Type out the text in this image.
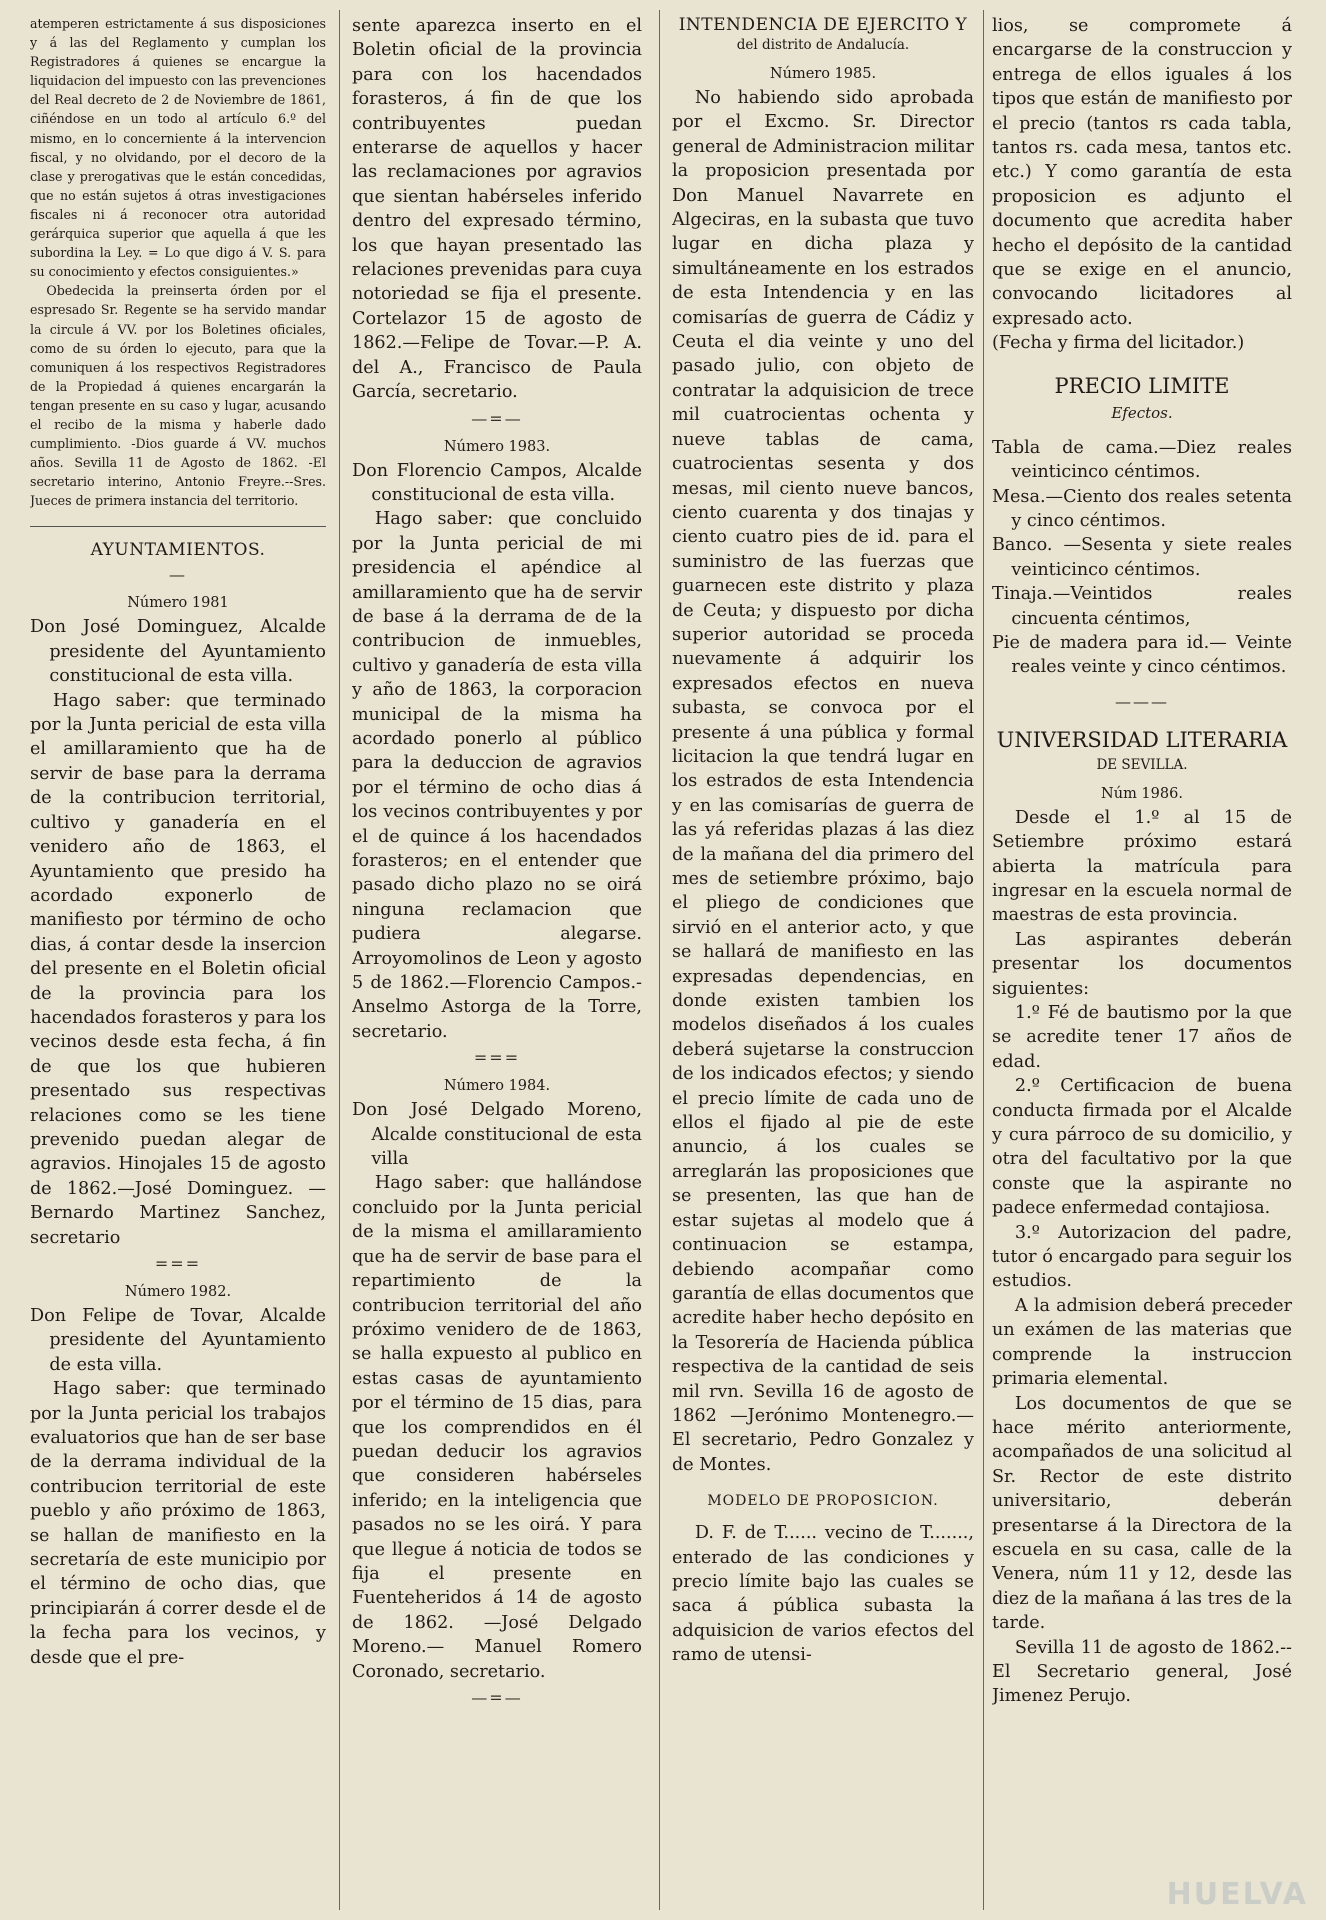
atemperen estrictamente á sus disposiciones y á las del Reglamento y cumplan los Registradores á quienes se encargue la liquidacion del impuesto con las prevenciones del Real decreto de 2 de Noviembre de 1861, ciñéndose en un todo al artículo 6.º del mismo, en lo concerniente á la intervencion fiscal, y no olvidando, por el decoro de la clase y prerogativas que le están concedidas, que no están sujetos á otras investigaciones fiscales ni á reconocer otra autoridad gerárquica superior que aquella á que les subordina la Ley. = Lo que digo á V. S. para su conocimiento y efectos consiguientes.»

Obedecida la preinserta órden por el espresado Sr. Regente se ha servido mandar la circule á VV. por los Boletines oficiales, como de su órden lo ejecuto, para que la comuniquen á los respectivos Registradores de la Propiedad á quienes encargarán la tengan presente en su caso y lugar, acusando el recibo de la misma y haberle dado cumplimiento. -Dios guarde á VV. muchos años. Sevilla 11 de Agosto de 1862. -El secretario interino, Antonio Freyre.--Sres. Jueces de primera instancia del territorio.

AYUNTAMIENTOS.
—
Número 1981

Don José Dominguez, Alcalde presidente del Ayuntamiento constitucional de esta villa.

Hago saber: que terminado por la Junta pericial de esta villa el amillaramiento que ha de servir de base para la derrama de la contribucion territorial, cultivo y ganadería en el venidero año de 1863, el Ayuntamiento que presido ha acordado exponerlo de manifiesto por término de ocho dias, á contar desde la insercion del presente en el Boletin oficial de la provincia para los hacendados forasteros y para los vecinos desde esta fecha, á fin de que los que hubieren presentado sus respectivas relaciones como se les tiene prevenido puedan alegar de agravios. Hinojales 15 de agosto de 1862.—José Dominguez. —Bernardo Martinez Sanchez, secretario

===
Número 1982.

Don Felipe de Tovar, Alcalde presidente del Ayuntamiento de esta villa.

Hago saber: que terminado por la Junta pericial los trabajos evaluatorios que han de ser base de la derrama individual de la contribucion territorial de este pueblo y año próximo de 1863, se hallan de manifiesto en la secretaría de este municipio por el término de ocho dias, que principiarán á correr desde el de la fecha para los vecinos, y desde que el pre-

sente aparezca inserto en el Boletin oficial de la provincia para con los hacendados forasteros, á fin de que los contribuyentes puedan enterarse de aquellos y hacer las reclamaciones por agravios que sientan habérseles inferido dentro del expresado término, los que hayan presentado las relaciones prevenidas para cuya notoriedad se fija el presente. Cortelazor 15 de agosto de 1862.—Felipe de Tovar.—P. A. del A., Francisco de Paula García, secretario.

—=—
Número 1983.

Don Florencio Campos, Alcalde constitucional de esta villa.

Hago saber: que concluido por la Junta pericial de mi presidencia el apéndice al amillaramiento que ha de servir de base á la derrama de de la contribucion de inmuebles, cultivo y ganadería de esta villa y año de 1863, la corporacion municipal de la misma ha acordado ponerlo al público para la deduccion de agravios por el término de ocho dias á los vecinos contribuyentes y por el de quince á los hacendados forasteros; en el entender que pasado dicho plazo no se oirá ninguna reclamacion que pudiera alegarse. Arroyomolinos de Leon y agosto 5 de 1862.—Florencio Campos.-Anselmo Astorga de la Torre, secretario.

===
Número 1984.

Don José Delgado Moreno, Alcalde constitucional de esta villa

Hago saber: que hallándose concluido por la Junta pericial de la misma el amillaramiento que ha de servir de base para el repartimiento de la contribucion territorial del año próximo venidero de de 1863, se halla expuesto al publico en estas casas de ayuntamiento por el término de 15 dias, para que los comprendidos en él puedan deducir los agravios que consideren habérseles inferido; en la inteligencia que pasados no se les oirá. Y para que llegue á noticia de todos se fija el presente en Fuenteheridos á 14 de agosto de 1862. —José Delgado Moreno.— Manuel Romero Coronado, secretario.

—=—
INTENDENCIA DE EJERCITO Y
del distrito de Andalucía.
Número 1985.

No habiendo sido aprobada por el Excmo. Sr. Director general de Administracion militar la proposicion presentada por Don Manuel Navarrete en Algeciras, en la subasta que tuvo lugar en dicha plaza y simultáneamente en los estrados de esta Intendencia y en las comisarías de guerra de Cádiz y Ceuta el dia veinte y uno del pasado julio, con objeto de contratar la adquisicion de trece mil cuatrocientas ochenta y nueve tablas de cama, cuatrocientas sesenta y dos mesas, mil ciento nueve bancos, ciento cuarenta y dos tinajas y ciento cuatro pies de id. para el suministro de las fuerzas que guarnecen este distrito y plaza de Ceuta; y dispuesto por dicha superior autoridad se proceda nuevamente á adquirir los expresados efectos en nueva subasta, se convoca por el presente á una pública y formal licitacion la que tendrá lugar en los estrados de esta Intendencia y en las comisarías de guerra de las yá referidas plazas á las diez de la mañana del dia primero del mes de setiembre próximo, bajo el pliego de condiciones que sirvió en el anterior acto, y que se hallará de manifiesto en las expresadas dependencias, en donde existen tambien los modelos diseñados á los cuales deberá sujetarse la construccion de los indicados efectos; y siendo el precio límite de cada uno de ellos el fijado al pie de este anuncio, á los cuales se arreglarán las proposiciones que se presenten, las que han de estar sujetas al modelo que á continuacion se estampa, debiendo acompañar como garantía de ellas documentos que acredite haber hecho depósito en la Tesorería de Hacienda pública respectiva de la cantidad de seis mil rvn. Sevilla 16 de agosto de 1862 —Jerónimo Montenegro.—El secretario, Pedro Gonzalez y de Montes.

MODELO DE PROPOSICION.

D. F. de T...... vecino de T......., enterado de las condiciones y precio límite bajo las cuales se saca á pública subasta la adquisicion de varios efectos del ramo de utensi-

lios, se compromete á encargarse de la construccion y entrega de ellos iguales á los tipos que están de manifiesto por el precio (tantos rs cada tabla, tantos rs. cada mesa, tantos etc. etc.) Y como garantía de esta proposicion es adjunto el documento que acredita haber hecho el depósito de la cantidad que se exige en el anuncio, convocando licitadores al expresado acto.

(Fecha y firma del licitador.)

PRECIO LIMITE
Efectos.

Tabla de cama.—Diez reales veinticinco céntimos.

Mesa.—Ciento dos reales setenta y cinco céntimos.

Banco. —Sesenta y siete reales veinticinco céntimos.

Tinaja.—Veintidos reales cincuenta céntimos,

Pie de madera para id.— Veinte reales veinte y cinco céntimos.

———
UNIVERSIDAD LITERARIA
DE SEVILLA.
Núm 1986.

Desde el 1.º al 15 de Setiembre próximo estará abierta la matrícula para ingresar en la escuela normal de maestras de esta provincia.

Las aspirantes deberán presentar los documentos siguientes:

1.º Fé de bautismo por la que se acredite tener 17 años de edad.

2.º Certificacion de buena conducta firmada por el Alcalde y cura párroco de su domicilio, y otra del facultativo por la que conste que la aspirante no padece enfermedad contajiosa.

3.º Autorizacion del padre, tutor ó encargado para seguir los estudios.

A la admision deberá preceder un exámen de las materias que comprende la instruccion primaria elemental.

Los documentos de que se hace mérito anteriormente, acompañados de una solicitud al Sr. Rector de este distrito universitario, deberán presentarse á la Directora de la escuela en su casa, calle de la Venera, núm 11 y 12, desde las diez de la mañana á las tres de la tarde.

Sevilla 11 de agosto de 1862.--El Secretario general, José Jimenez Perujo.

HUELVA
